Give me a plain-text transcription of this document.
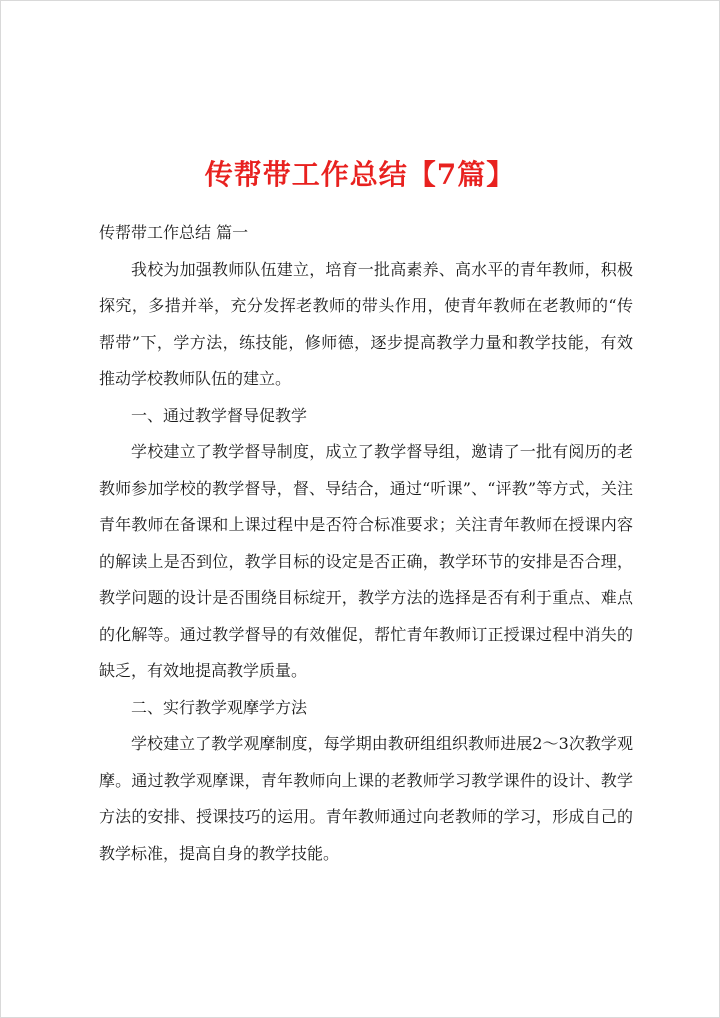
传帮带工作总结【7篇】

传帮带工作总结 篇一

我校为加强教师队伍建立，培育一批高素养、高水平的青年教师，积极探究，多措并举，充分发挥老教师的带头作用，使青年教师在老教师的“传帮带”下，学方法，练技能，修师德，逐步提高教学力量和教学技能，有效推动学校教师队伍的建立。

一、通过教学督导促教学

学校建立了教学督导制度，成立了教学督导组，邀请了一批有阅历的老教师参加学校的教学督导，督、导结合，通过“听课”、“评教”等方式，关注青年教师在备课和上课过程中是否符合标准要求；关注青年教师在授课内容的解读上是否到位，教学目标的设定是否正确，教学环节的安排是否合理，教学问题的设计是否围绕目标绽开，教学方法的选择是否有利于重点、难点的化解等。通过教学督导的有效催促，帮忙青年教师订正授课过程中消失的缺乏，有效地提高教学质量。

二、实行教学观摩学方法

学校建立了教学观摩制度，每学期由教研组组织教师进展2～3次教学观摩。通过教学观摩课，青年教师向上课的老教师学习教学课件的设计、教学方法的安排、授课技巧的运用。青年教师通过向老教师的学习，形成自己的教学标准，提高自身的教学技能。
